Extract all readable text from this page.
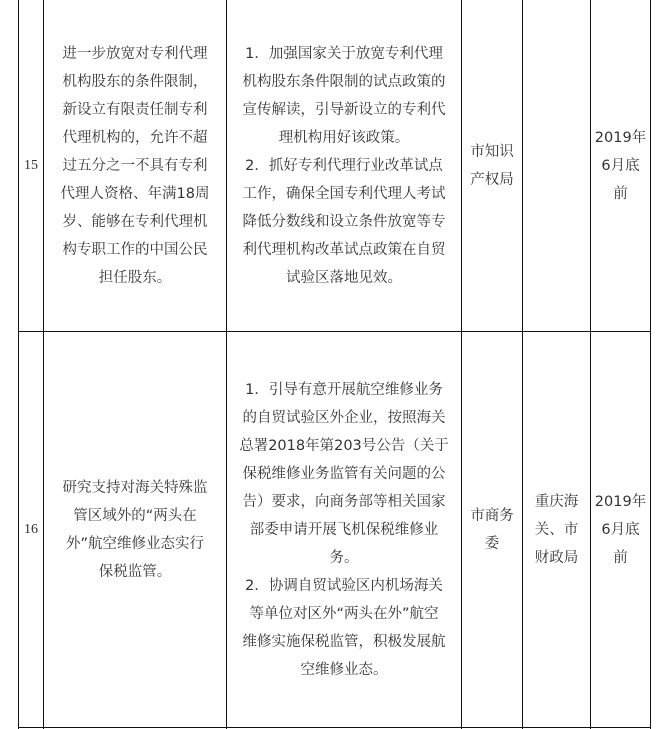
15

进一步放宽对专利代理

机构股东的条件限制，

新设立有限责任制专利

代理机构的，允许不超

过五分之一不具有专利

代理人资格、年满18周

岁、能够在专利代理机

构专职工作的中国公民

担任股东。

1．加强国家关于放宽专利代理

机构股东条件限制的试点政策的

宣传解读，引导新设立的专利代

理机构用好该政策。

2．抓好专利代理行业改革试点

工作，确保全国专利代理人考试

降低分数线和设立条件放宽等专

利代理机构改革试点政策在自贸

试验区落地见效。

市知识

产权局

2019年

6月底

前

16

研究支持对海关特殊监

管区域外的“两头在

外”航空维修业态实行

保税监管。

1．引导有意开展航空维修业务

的自贸试验区外企业，按照海关

总署2018年第203号公告（关于

保税维修业务监管有关问题的公

告）要求，向商务部等相关国家

部委申请开展飞机保税维修业

务。

2．协调自贸试验区内机场海关

等单位对区外“两头在外”航空

维修实施保税监管，积极发展航

空维修业态。

市商务

委

重庆海

关、市

财政局

2019年

6月底

前
